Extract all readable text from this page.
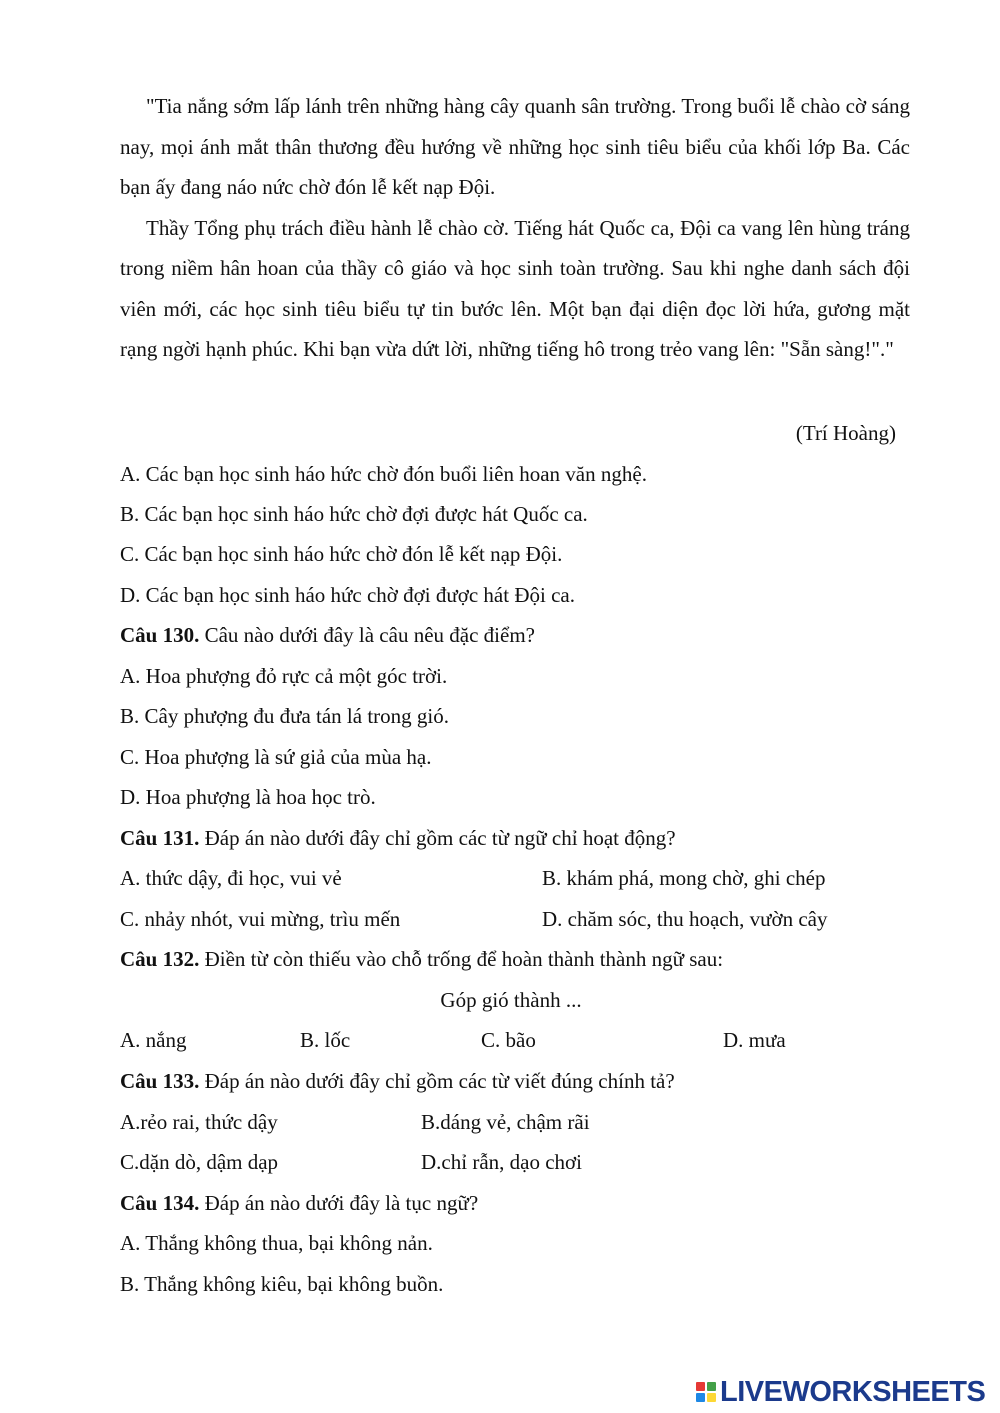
"Tia nắng sớm lấp lánh trên những hàng cây quanh sân trường. Trong buổi lễ chào cờ sáng nay, mọi ánh mắt thân thương đều hướng về những học sinh tiêu biểu của khối lớp Ba. Các bạn ấy đang náo nức chờ đón lễ kết nạp Đội.

Thầy Tổng phụ trách điều hành lễ chào cờ. Tiếng hát Quốc ca, Đội ca vang lên hùng tráng trong niềm hân hoan của thầy cô giáo và học sinh toàn trường. Sau khi nghe danh sách đội viên mới, các học sinh tiêu biểu tự tin bước lên. Một bạn đại diện đọc lời hứa, gương mặt rạng ngời hạnh phúc. Khi bạn vừa dứt lời, những tiếng hô trong trẻo vang lên: "Sẵn sàng!"."

(Trí Hoàng)
A. Các bạn học sinh háo hức chờ đón buổi liên hoan văn nghệ.
B. Các bạn học sinh háo hức chờ đợi được hát Quốc ca.
C. Các bạn học sinh háo hức chờ đón lễ kết nạp Đội.
D. Các bạn học sinh háo hức chờ đợi được hát Đội ca.
Câu 130. Câu nào dưới đây là câu nêu đặc điểm?
A. Hoa phượng đỏ rực cả một góc trời.
B. Cây phượng đu đưa tán lá trong gió.
C. Hoa phượng là sứ giả của mùa hạ.
D. Hoa phượng là hoa học trò.
Câu 131. Đáp án nào dưới đây chỉ gồm các từ ngữ chỉ hoạt động?
A. thức dậy, đi học, vui vẻ	B. khám phá, mong chờ, ghi chép
C. nhảy nhót, vui mừng, trìu mến	D. chăm sóc, thu hoạch, vườn cây
Câu 132. Điền từ còn thiếu vào chỗ trống để hoàn thành thành ngữ sau:
Góp gió thành ...
A. nắng	B. lốc	C. bão	D. mưa
Câu 133. Đáp án nào dưới đây chỉ gồm các từ viết đúng chính tả?
A.rẻo rai, thức dậy	B.dáng vẻ, chậm rãi
C.dặn dò, dậm dạp	D.chỉ rẫn, dạo chơi
Câu 134. Đáp án nào dưới đây là tục ngữ?
A. Thắng không thua, bại không nản.
B. Thắng không kiêu, bại không buồn.
LIVEWORKSHEETS
